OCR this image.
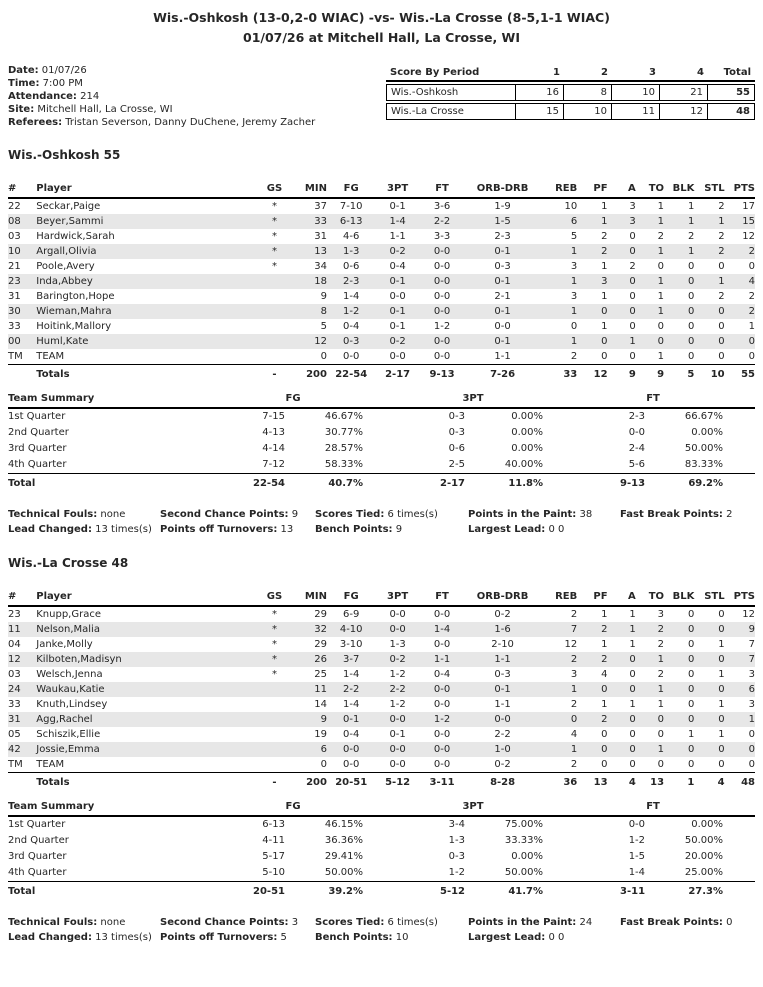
Wis.-Oshkosh (13-0,2-0 WIAC) -vs- Wis.-La Crosse (8-5,1-1 WIAC)
01/07/26 at Mitchell Hall, La Crosse, WI
Date: 01/07/26
Time: 7:00 PM
Attendance: 214
Site: Mitchell Hall, La Crosse, WI
Referees: Tristan Severson, Danny DuChene, Jeremy Zacher
Score By Period	1	2	3	4	Total
Wis.-Oshkosh	16	8	10	21	55
Wis.-La Crosse	15	10	11	12	48
Wis.-Oshkosh 55
#	Player	GS	MIN	FG	3PT	FT	ORB-DRB	REB	PF	A	TO	BLK	STL	PTS
22	Seckar,Paige	*	37	7-10	0-1	3-6	1-9	10	1	3	1	1	2	17
08	Beyer,Sammi	*	33	6-13	1-4	2-2	1-5	6	1	3	1	1	1	15
03	Hardwick,Sarah	*	31	4-6	1-1	3-3	2-3	5	2	0	2	2	2	12
10	Argall,Olivia	*	13	1-3	0-2	0-0	0-1	1	2	0	1	1	2	2
21	Poole,Avery	*	34	0-6	0-4	0-0	0-3	3	1	2	0	0	0	0
23	Inda,Abbey		18	2-3	0-1	0-0	0-1	1	3	0	1	0	1	4
31	Barington,Hope		9	1-4	0-0	0-0	2-1	3	1	0	1	0	2	2
30	Wieman,Mahra		8	1-2	0-1	0-0	0-1	1	0	0	1	0	0	2
33	Hoitink,Mallory		5	0-4	0-1	1-2	0-0	0	1	0	0	0	0	1
00	Huml,Kate		12	0-3	0-2	0-0	0-1	1	0	1	0	0	0	0
TM	TEAM		0	0-0	0-0	0-0	1-1	2	0	0	1	0	0	0
	Totals	-	200	22-54	2-17	9-13	7-26	33	12	9	9	5	10	55
Team Summary	FG			3PT			FT		
1st Quarter	7-15	46.67%		0-3	0.00%		2-3	66.67%	
2nd Quarter	4-13	30.77%		0-3	0.00%		0-0	0.00%	
3rd Quarter	4-14	28.57%		0-6	0.00%		2-4	50.00%	
4th Quarter	7-12	58.33%		2-5	40.00%		5-6	83.33%	
Total	22-54	40.7%		2-17	11.8%		9-13	69.2%	
Technical Fouls: none	Second Chance Points: 9	Scores Tied: 6 times(s)	Points in the Paint: 38	Fast Break Points: 2
Lead Changed: 13 times(s)	Points off Turnovers: 13	Bench Points: 9	Largest Lead: 0 0	
Wis.-La Crosse 48
#	Player	GS	MIN	FG	3PT	FT	ORB-DRB	REB	PF	A	TO	BLK	STL	PTS
23	Knupp,Grace	*	29	6-9	0-0	0-0	0-2	2	1	1	3	0	0	12
11	Nelson,Malia	*	32	4-10	0-0	1-4	1-6	7	2	1	2	0	0	9
04	Janke,Molly	*	29	3-10	1-3	0-0	2-10	12	1	1	2	0	1	7
12	Kilboten,Madisyn	*	26	3-7	0-2	1-1	1-1	2	2	0	1	0	0	7
03	Welsch,Jenna	*	25	1-4	1-2	0-4	0-3	3	4	0	2	0	1	3
24	Waukau,Katie		11	2-2	2-2	0-0	0-1	1	0	0	1	0	0	6
33	Knuth,Lindsey		14	1-4	1-2	0-0	1-1	2	1	1	1	0	1	3
31	Agg,Rachel		9	0-1	0-0	1-2	0-0	0	2	0	0	0	0	1
05	Schiszik,Ellie		19	0-4	0-1	0-0	2-2	4	0	0	0	1	1	0
42	Jossie,Emma		6	0-0	0-0	0-0	1-0	1	0	0	1	0	0	0
TM	TEAM		0	0-0	0-0	0-0	0-2	2	0	0	0	0	0	0
	Totals	-	200	20-51	5-12	3-11	8-28	36	13	4	13	1	4	48
Team Summary	FG			3PT			FT		
1st Quarter	6-13	46.15%		3-4	75.00%		0-0	0.00%	
2nd Quarter	4-11	36.36%		1-3	33.33%		1-2	50.00%	
3rd Quarter	5-17	29.41%		0-3	0.00%		1-5	20.00%	
4th Quarter	5-10	50.00%		1-2	50.00%		1-4	25.00%	
Total	20-51	39.2%		5-12	41.7%		3-11	27.3%	
Technical Fouls: none	Second Chance Points: 3	Scores Tied: 6 times(s)	Points in the Paint: 24	Fast Break Points: 0
Lead Changed: 13 times(s)	Points off Turnovers: 5	Bench Points: 10	Largest Lead: 0 0	
